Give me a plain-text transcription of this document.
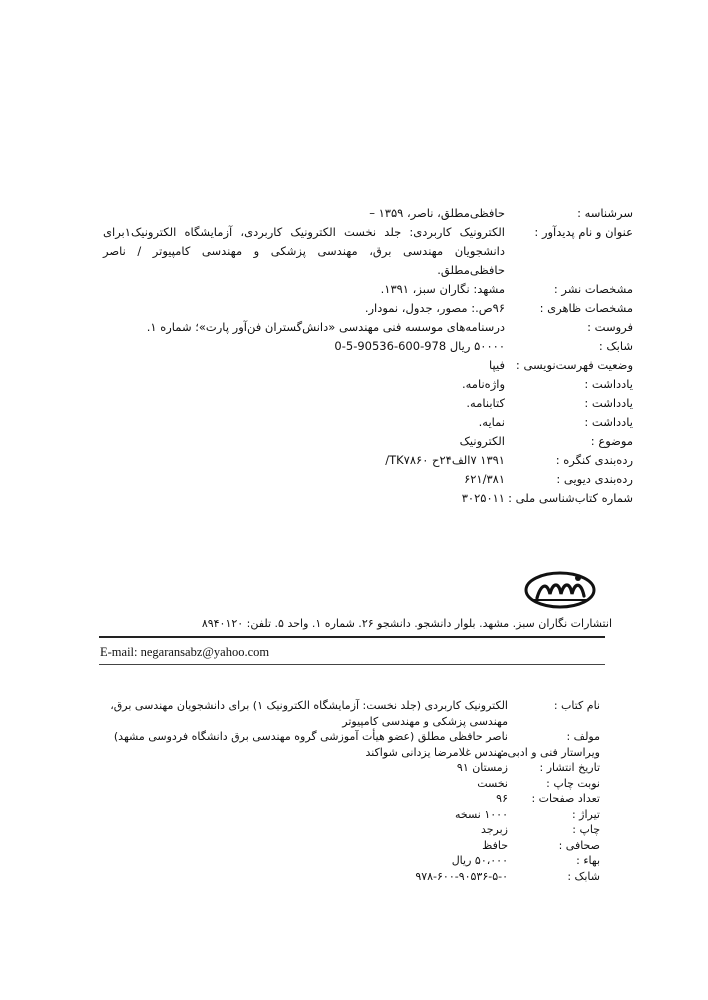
سرشناسه :
حافظی‌مطلق، ناصر، ۱۳۵۹ –
عنوان و نام پدیدآور :
الکترونیک کاربردی: جلد نخست الکترونیک کاربردی، آزمایشگاه الکترونیک۱برای دانشجویان مهندسی برق، مهندسی پزشکی و مهندسی کامپیوتر / ناصر حافظی‌مطلق.
مشخصات نشر :
مشهد: نگاران سبز، ۱۳۹۱.
مشخصات ظاهری :
۹۶ص.: مصور، جدول، نمودار.
فروست :
درسنامه‌های موسسه فنی مهندسی «دانش‌گستران فن‌آور پارت»؛ شماره ۱.
شابک :
۵۰۰۰۰ ریال 978-600-90536-5-0
وضعیت فهرست‌نویسی :
فیپا
یادداشت :
واژه‌نامه.
یادداشت :
کتابنامه.
یادداشت :
نمایه.
موضوع :
الکترونیک
رده‌بندی کنگره :
۱۳۹۱ ۷الف۲۴ح TK۷۸۶۰/
رده‌بندی دیویی :
۶۲۱/۳۸۱
شماره کتاب‌شناسی ملی :
۳۰۲۵۰۱۱
انتشارات نگاران سبز. مشهد. بلوار دانشجو. دانشجو ۲۶. شماره ۱. واحد ۵. تلفن: ۸۹۴۰۱۲۰
E-mail: negaransabz@yahoo.com
نام کتاب :
الکترونیک کاربردی (جلد نخست: آزمایشگاه الکترونیک ۱) برای دانشجویان مهندسی برق، مهندسی پزشکی و مهندسی کامپیوتر
مولف :
ناصر حافظی مطلق (عضو هیأت آموزشی گروه مهندسی برق دانشگاه فردوسی مشهد)
ویراستار فنی و ادبی :
مهندس غلامرضا یزدانی شواکند
تاریخ انتشار :
زمستان ۹۱
نوبت چاپ :
نخست
تعداد صفحات :
۹۶
تیراژ :
۱۰۰۰ نسخه
چاپ :
زبرجد
صحافی :
حافظ
بهاء :
۵۰،۰۰۰ ریال
شابک :
۹۷۸-۶۰۰-۹۰۵۳۶-۵-۰
